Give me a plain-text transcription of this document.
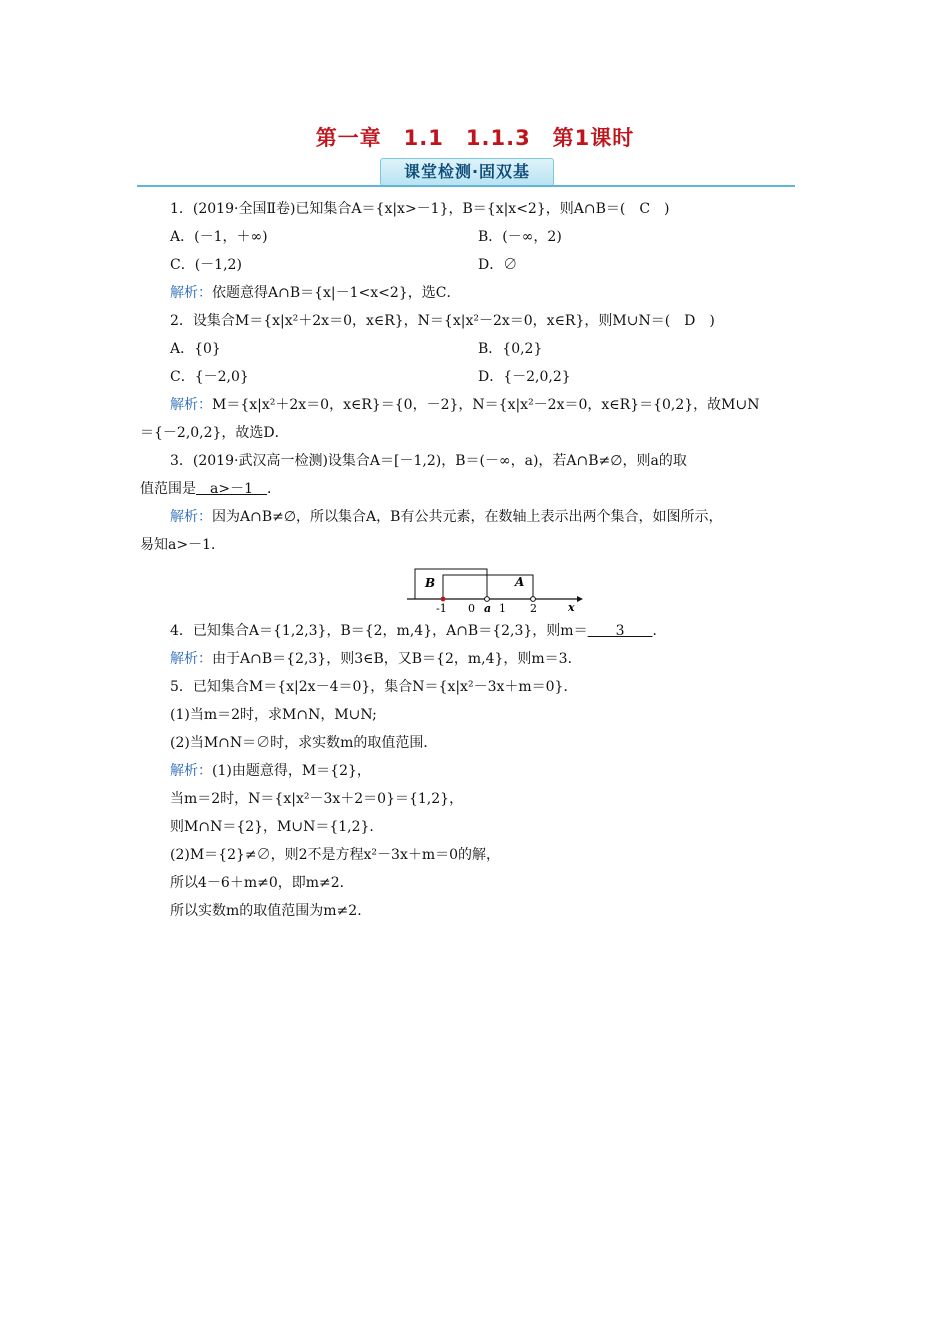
第一章　1.1　1.1.3　第1课时
课堂检测·固双基
1．(2019·全国Ⅱ卷)已知集合A＝{x|x>－1}，B＝{x|x<2}，则A∩B＝(　C　)
A．(－1，＋∞)	B．(－∞，2)
C．(－1,2)	D．∅
解析：依题意得A∩B＝{x|－1<x<2}，选C．
2．设集合M＝{x|x²＋2x＝0，x∈R}，N＝{x|x²－2x＝0，x∈R}，则M∪N＝(　D　)
A．{0}	B．{0,2}
C．{－2,0}	D．{－2,0,2}
解析：M＝{x|x²＋2x＝0，x∈R}＝{0，－2}，N＝{x|x²－2x＝0，x∈R}＝{0,2}，故M∪N
＝{－2,0,2}，故选D．
3．(2019·武汉高一检测)设集合A＝[－1,2)，B＝(－∞，a)，若A∩B≠∅，则a的取
值范围是　a>－1　．
解析：因为A∩B≠∅，所以集合A，B有公共元素，在数轴上表示出两个集合，如图所示，
易知a>－1．
B	A
-1 0 a 1 2	x
4．已知集合A＝{1,2,3}，B＝{2，m,4}，A∩B＝{2,3}，则m＝　　3　　．
解析：由于A∩B＝{2,3}，则3∈B，又B＝{2，m,4}，则m＝3．
5．已知集合M＝{x|2x－4＝0}，集合N＝{x|x²－3x＋m＝0}．
(1)当m＝2时，求M∩N，M∪N;
(2)当M∩N＝∅时，求实数m的取值范围．
解析：(1)由题意得，M＝{2}，
当m＝2时，N＝{x|x²－3x＋2＝0}＝{1,2}，
则M∩N＝{2}，M∪N＝{1,2}．
(2)M＝{2}≠∅，则2不是方程x²－3x＋m＝0的解，
所以4－6＋m≠0，即m≠2．
所以实数m的取值范围为m≠2．
